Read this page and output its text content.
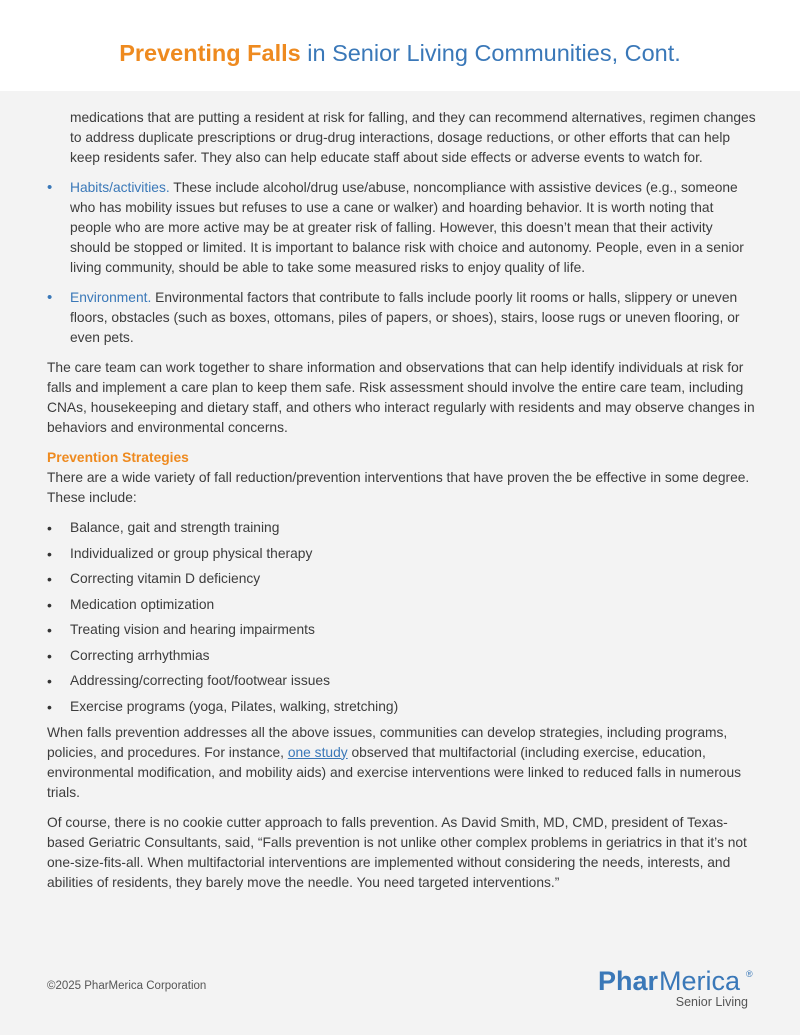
Preventing Falls in Senior Living Communities, Cont.

medications that are putting a resident at risk for falling, and they can recommend alternatives, regimen changes to address duplicate prescriptions or drug-drug interactions, dosage reductions, or other efforts that can help keep residents safer. They also can help educate staff about side effects or adverse events to watch for.

• Habits/activities. These include alcohol/drug use/abuse, noncompliance with assistive devices (e.g., someone who has mobility issues but refuses to use a cane or walker) and hoarding behavior. It is worth noting that people who are more active may be at greater risk of falling. However, this doesn’t mean that their activity should be stopped or limited. It is important to balance risk with choice and autonomy. People, even in a senior living community, should be able to take some measured risks to enjoy quality of life.
• Environment. Environmental factors that contribute to falls include poorly lit rooms or halls, slippery or uneven floors, obstacles (such as boxes, ottomans, piles of papers, or shoes), stairs, loose rugs or uneven flooring, or even pets.

The care team can work together to share information and observations that can help identify individuals at risk for falls and implement a care plan to keep them safe. Risk assessment should involve the entire care team, including CNAs, housekeeping and dietary staff, and others who interact regularly with residents and may observe changes in behaviors and environmental concerns.

Prevention Strategies

There are a wide variety of fall reduction/prevention interventions that have proven the be effective in some degree. These include:

• Balance, gait and strength training
• Individualized or group physical therapy
• Correcting vitamin D deficiency
• Medication optimization
• Treating vision and hearing impairments
• Correcting arrhythmias
• Addressing/correcting foot/footwear issues
• Exercise programs (yoga, Pilates, walking, stretching)

When falls prevention addresses all the above issues, communities can develop strategies, including programs, policies, and procedures. For instance, one study observed that multifactorial (including exercise, education, environmental modification, and mobility aids) and exercise interventions were linked to reduced falls in numerous trials.

Of course, there is no cookie cutter approach to falls prevention. As David Smith, MD, CMD, president of Texas-based Geriatric Consultants, said, “Falls prevention is not unlike other complex problems in geriatrics in that it’s not one-size-fits-all. When multifactorial interventions are implemented without considering the needs, interests, and abilities of residents, they barely move the needle. You need targeted interventions.”

©2025 PharMerica Corporation	Phar Merica ®
Senior Living
